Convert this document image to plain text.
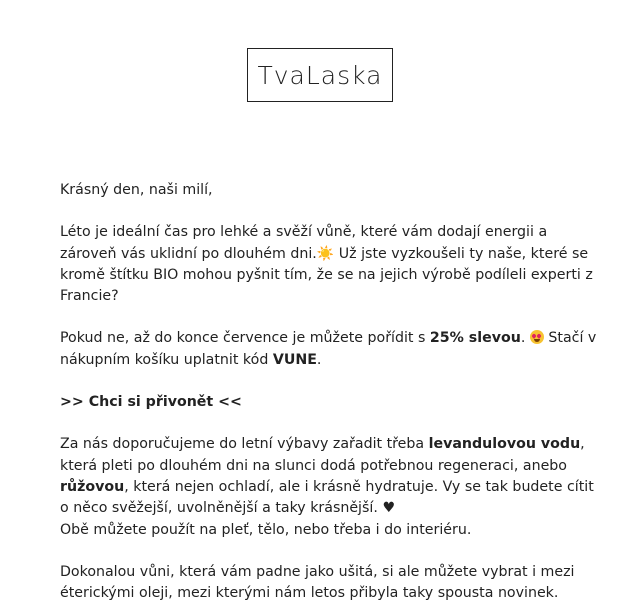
TvaLaska

Krásný den, naši milí,

Léto je ideální čas pro lehké a svěží vůně, které vám dodají energii a zároveň vás uklidní po dlouhém dni.☀️ Už jste vyzkoušeli ty naše, které se kromě štítku BIO mohou pyšnit tím, že se na jejich výrobě podíleli experti z Francie?

Pokud ne, až do konce července je můžete pořídit s 25% slevou.
Stačí v nákupním košíku uplatnit kód VUNE.

>> Chci si přivonět <<

Za nás doporučujeme do letní výbavy zařadit třeba levandulovou vodu, která pleti po dlouhém dni na slunci dodá potřebnou regeneraci, anebo růžovou, která nejen ochladí, ale i krásně hydratuje. Vy se tak budete cítit o něco svěžejší, uvolněnější a taky krásnější. ♥

Obě můžete použít na pleť, tělo, nebo třeba i do interiéru.

Dokonalou vůni, která vám padne jako ušitá, si ale můžete vybrat i mezi éterickými oleji, mezi kterými nám letos přibyla taky spousta novinek.
